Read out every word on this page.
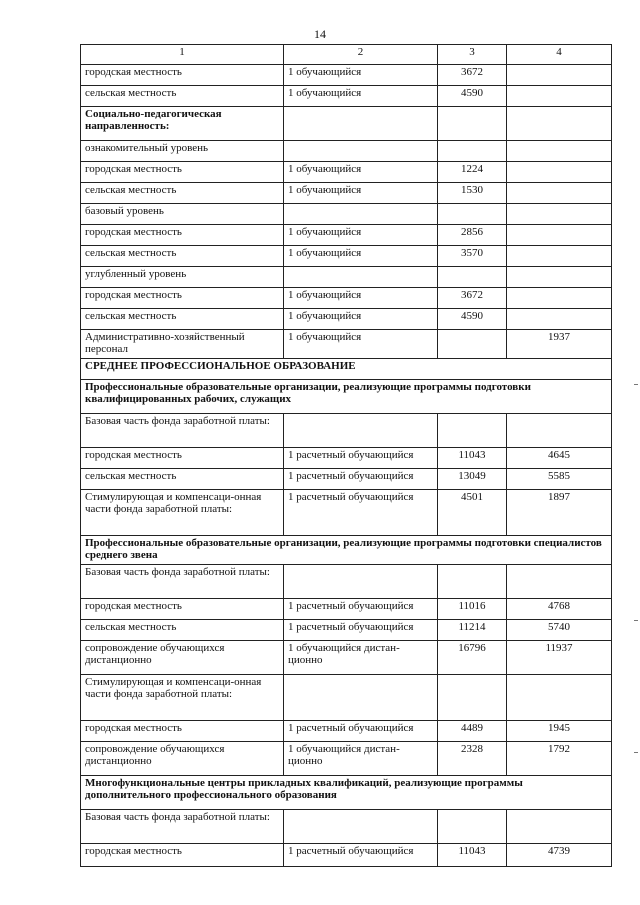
14
1	2	3	4
городская местность	1 обучающийся	3672	
сельская местность	1 обучающийся	4590	
Социально-педагогическая направленность:			
ознакомительный уровень			
городская местность	1 обучающийся	1224	
сельская местность	1 обучающийся	1530	
базовый уровень			
городская местность	1 обучающийся	2856	
сельская местность	1 обучающийся	3570	
углубленный уровень			
городская местность	1 обучающийся	3672	
сельская местность	1 обучающийся	4590	
Административно-хозяйственный персонал	1 обучающийся		1937
СРЕДНЕЕ ПРОФЕССИОНАЛЬНОЕ ОБРАЗОВАНИЕ			
Профессиональные образовательные организации, реализующие программы подготовки квалифицированных рабочих, служащих			
Базовая часть фонда заработной платы:			
городская местность	1 расчетный обучающийся	11043	4645
сельская местность	1 расчетный обучающийся	13049	5585
Стимулирующая и компенсаци-онная части фонда заработной платы:	1 расчетный обучающийся	4501	1897
Профессиональные образовательные организации, реализующие программы подготовки специалистов среднего звена			
Базовая часть фонда заработной платы:			
городская местность	1 расчетный обучающийся	11016	4768
сельская местность	1 расчетный обучающийся	11214	5740
сопровождение обучающихся дистанционно	1 обучающийся дистан-ционно	16796	11937
Стимулирующая и компенсаци-онная части фонда заработной платы:			
городская местность	1 расчетный обучающийся	4489	1945
сопровождение обучающихся дистанционно	1 обучающийся дистан-ционно	2328	1792
Многофункциональные центры прикладных квалификаций, реализующие программы дополнительного профессионального образования			
Базовая часть фонда заработной платы:			
городская местность	1 расчетный обучающийся	11043	4739
